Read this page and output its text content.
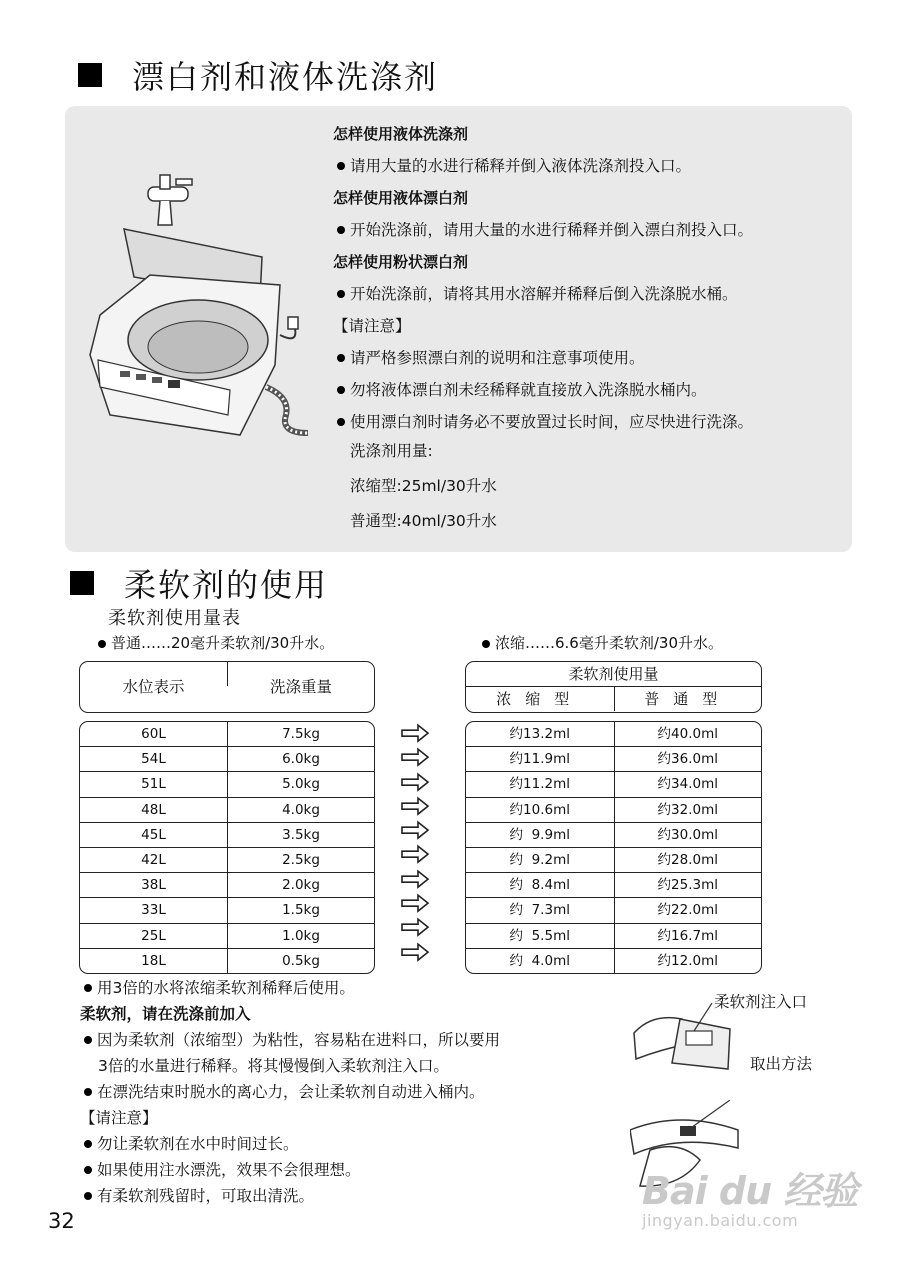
漂白剂和液体洗涤剂
怎样使用液体洗涤剂
请用大量的水进行稀释并倒入液体洗涤剂投入口。
怎样使用液体漂白剂
开始洗涤前，请用大量的水进行稀释并倒入漂白剂投入口。
怎样使用粉状漂白剂
开始洗涤前，请将其用水溶解并稀释后倒入洗涤脱水桶。
【请注意】
请严格参照漂白剂的说明和注意事项使用。
勿将液体漂白剂未经稀释就直接放入洗涤脱水桶内。
使用漂白剂时请务必不要放置过长时间，应尽快进行洗涤。
洗涤剂用量:
浓缩型:25ml/30升水
普通型:40ml/30升水
柔软剂的使用
柔软剂使用量表
普通……20毫升柔软剂/30升水。	浓缩……6.6毫升柔软剂/30升水。
水位表示	洗涤重量
柔软剂使用量
浓缩型	普通型
60L	7.5kg
54L	6.0kg
51L	5.0kg
48L	4.0kg
45L	3.5kg
42L	2.5kg
38L	2.0kg
33L	1.5kg
25L	1.0kg
18L	0.5kg
约13.2ml	约40.0ml
约11.9ml	约36.0ml
约11.2ml	约34.0ml
约10.6ml	约32.0ml
约  9.9ml	约30.0ml
约  9.2ml	约28.0ml
约  8.4ml	约25.3ml
约  7.3ml	约22.0ml
约  5.5ml	约16.7ml
约  4.0ml	约12.0ml
用3倍的水将浓缩柔软剂稀释后使用。
柔软剂，请在洗涤前加入
因为柔软剂（浓缩型）为粘性，容易粘在进料口，所以要用
3倍的水量进行稀释。将其慢慢倒入柔软剂注入口。
在漂洗结束时脱水的离心力，会让柔软剂自动进入桶内。
【请注意】
勿让柔软剂在水中时间过长。
如果使用注水漂洗，效果不会很理想。
有柔软剂残留时，可取出清洗。
柔软剂注入口
取出方法
32
Bai du 经验
jingyan.baidu.com
